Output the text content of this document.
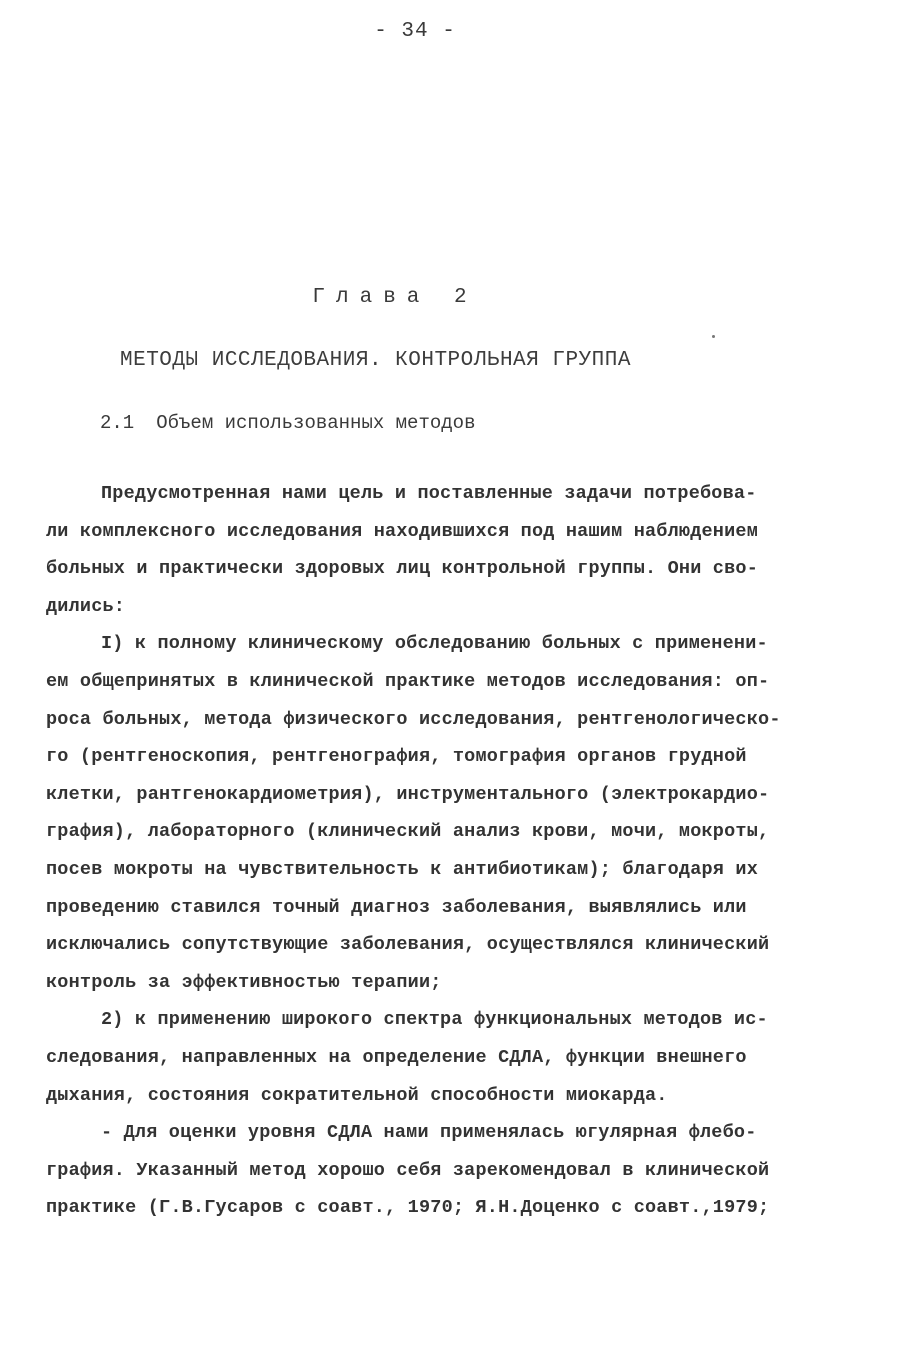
- 34 -
Глава 2
МЕТОДЫ ИССЛЕДОВАНИЯ. КОНТРОЛЬНАЯ ГРУППА
2.1 Объем использованных методов
Предусмотренная нами цель и поставленные задачи потребова-
ли комплексного исследования находившихся под нашим наблюдением
больных и практически здоровых лиц контрольной группы. Они сво-
дились:
I) к полному клиническому обследованию больных с применени-
ем общепринятых в клинической практике методов исследования: оп-
роса больных, метода физического исследования, рентгенологическо-
го (рентгеноскопия, рентгенография, томография органов грудной
клетки, рантгенокардиометрия), инструментального (электрокардио-
графия), лабораторного (клинический анализ крови, мочи, мокроты,
посев мокроты на чувствительность к антибиотикам); благодаря их
проведению ставился точный диагноз заболевания, выявлялись или
исключались сопутствующие заболевания, осуществлялся клинический
контроль за эффективностью терапии;
2) к применению широкого спектра функциональных методов ис-
следования, направленных на определение СДЛА, функции внешнего
дыхания, состояния сократительной способности миокарда.
- Для оценки уровня СДЛА нами применялась югулярная флебо-
графия. Указанный метод хорошо себя зарекомендовал в клинической
практике (Г.В.Гусаров с соавт., 1970; Я.Н.Доценко с соавт.,1979;
